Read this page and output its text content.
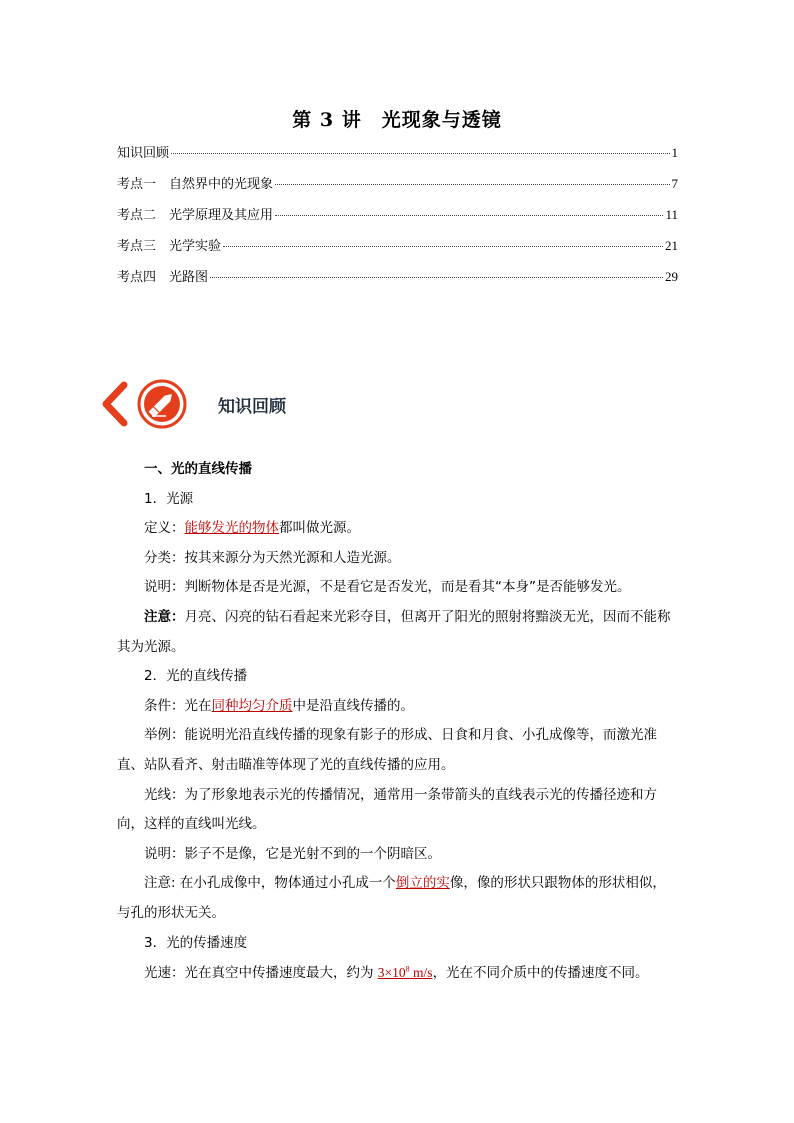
第 3 讲　光现象与透镜
知识回顾	1
考点一　自然界中的光现象	7
考点二　光学原理及其应用	11
考点三　光学实验	21
考点四　光路图	29
知识回顾

一、光的直线传播

1．光源

定义：能够发光的物体都叫做光源。

分类：按其来源分为天然光源和人造光源。

说明：判断物体是否是光源，不是看它是否发光，而是看其“本身”是否能够发光。

注意：月亮、闪亮的钻石看起来光彩夺目，但离开了阳光的照射将黯淡无光，因而不能称其为光源。

2．光的直线传播

条件：光在同种均匀介质中是沿直线传播的。

举例：能说明光沿直线传播的现象有影子的形成、日食和月食、小孔成像等，而激光准直、站队看齐、射击瞄准等体现了光的直线传播的应用。

光线：为了形象地表示光的传播情况，通常用一条带箭头的直线表示光的传播径迹和方向，这样的直线叫光线。

说明：影子不是像，它是光射不到的一个阴暗区。

注意: 在小孔成像中，物体通过小孔成一个倒立的实像，像的形状只跟物体的形状相似，与孔的形状无关。

3．光的传播速度

光速：光在真空中传播速度最大，约为 $3\times 10^8$ m/s，光在不同介质中的传播速度不同。
